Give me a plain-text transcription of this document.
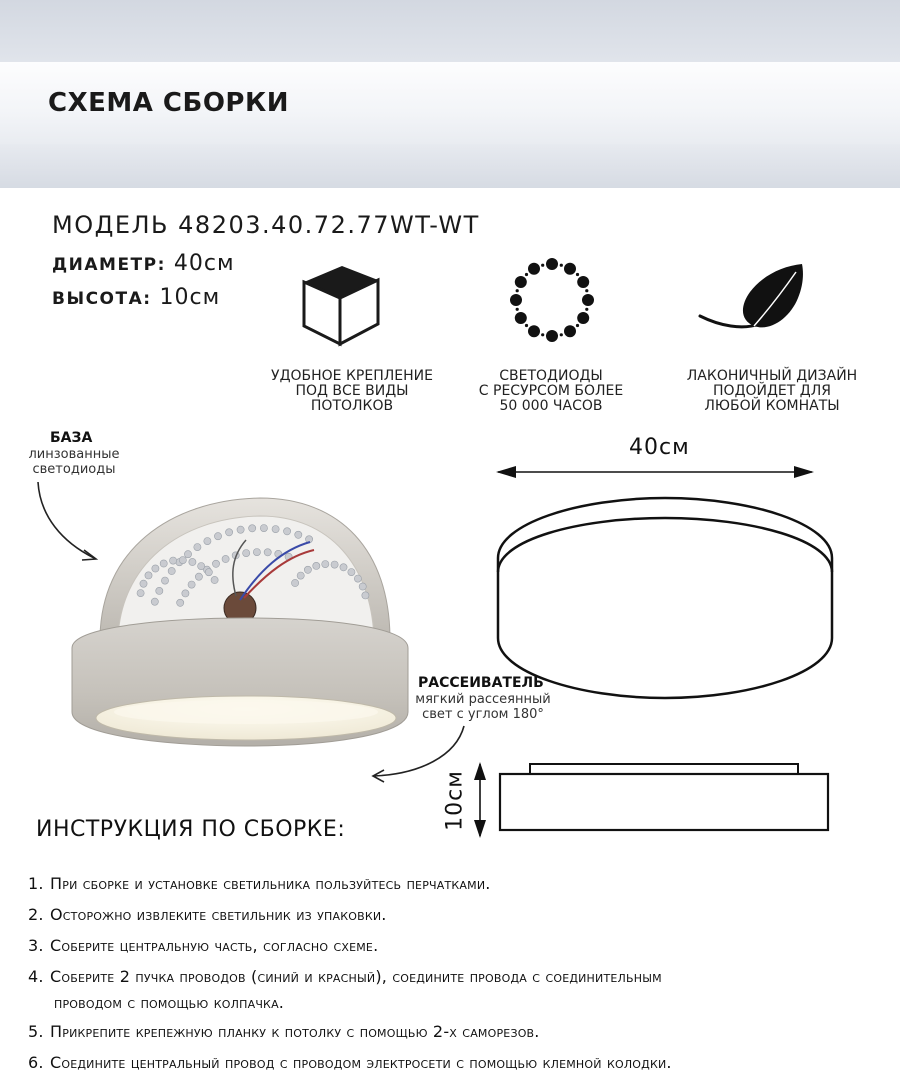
СХЕМА СБОРКИ
МОДЕЛЬ 48203.40.72.77WT-WT
ДИАМЕТР: 40см
ВЫСОТА: 10см
УДОБНОЕ КРЕПЛЕНИЕ
ПОД ВСЕ ВИДЫ
ПОТОЛКОВ
СВЕТОДИОДЫ
С РЕСУРСОМ БОЛЕЕ
50 000 ЧАСОВ
ЛАКОНИЧНЫЙ ДИЗАЙН
ПОДОЙДЕТ ДЛЯ
ЛЮБОЙ КОМНАТЫ
БАЗА
линзованные
светодиоды
РАССЕИВАТЕЛЬ
мягкий рассеянный
свет с углом 180°
40см
10см
ИНСТРУКЦИЯ ПО СБОРКЕ:
1. При сборке и установке светильника пользуйтесь перчатками.
2. Осторожно извлеките светильник из упаковки.
3. Соберите центральную часть, согласно схеме.
4. Соберите 2 пучка проводов (синий и красный), соедините провода с соединительным
проводом с помощью колпачка.
5. Прикрепите крепежную планку к потолку с помощью 2-х саморезов.
6. Соедините центральный провод с проводом электросети с помощью клемной колодки.
